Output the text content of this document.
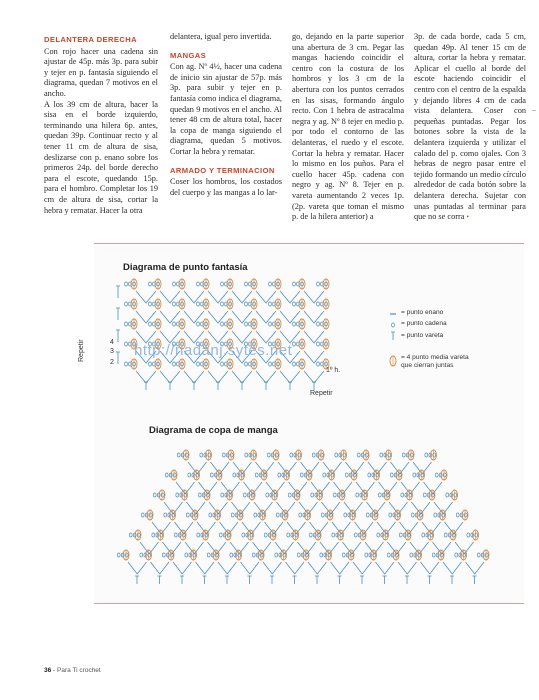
DELANTERA DERECHA

Con rojo hacer una cadena sin ajustar de 45p. más 3p. para subir y tejer en p. fantasía siguiendo el diagrama, quedan 7 motivos en el ancho.

A los 39 cm de altura, hacer la sisa en el borde izquierdo, terminando una hilera 6p. antes, quedan 39p. Continuar recto y al tener 11 cm de altura de sisa, deslizarse con p. enano sobre los primeros 24p. del borde derecho para el escote, quedando 15p. para el hombro. Completar los 19 cm de altura de sisa, cortar la hebra y rematar. Hacer la otra

delantera, igual pero invertida.

MANGAS

Con ag. Nº 4½, hacer una cadena de inicio sin ajustar de 57p. más 3p. para subir y tejer en p. fantasía como indica el diagrama, quedan 9 motivos en el ancho. Al tener 48 cm de altura total, hacer la copa de manga siguiendo el diagrama, quedan 5 motivos. Cortar la hebra y rematar.

ARMADO Y TERMINACION

Coser los hombros, los costados del cuerpo y las mangas a lo lar-

go, dejando en la parte superior una abertura de 3 cm. Pegar las mangas haciendo coincidir el centro con la costura de los hombros y los 3 cm de la abertura con los puntos cerrados en las sisas, formando ángulo recto. Con 1 hebra de astracalma negra y ag. Nº 8 tejer en medio p. por todo el contorno de las delanteras, el ruedo y el escote. Cortar la hebra y rematar. Hacer lo mismo en los puños. Para el cuello hacer 45p. cadena con negro y ag. Nº 8. Tejer en p. vareta aumentando 2 veces 1p. (2p. vareta que toman el mismo p. de la hilera anterior) a

3p. de cada borde, cada 5 cm, quedan 49p. Al tener 15 cm de altura, cortar la hebra y rematar. Aplicar el cuello al borde del escote haciendo coincidir el centro con el centro de la espalda y dejando libres 4 cm de cada vista delantera. Coser con pequeñas puntadas. Pegar los botones sobre la vista de la delantera izquierda y utilizar el calado del p. como ojales. Con 3 hebras de negro pasar entre el tejido formando un medio círculo alrededor de cada botón sobre la delantera derecha. Sujetar con unas puntadas al terminar para que no se corra •

Diagrama de punto fantasía
4
3
2
1º h.
Repetir
Repetir
= punto enano
= punto cadena
= punto vareta
= 4 punto media vareta que cierran juntas
http://nadanj.sytes.net
Diagrama de copa de manga
36 - Para Ti crochet
